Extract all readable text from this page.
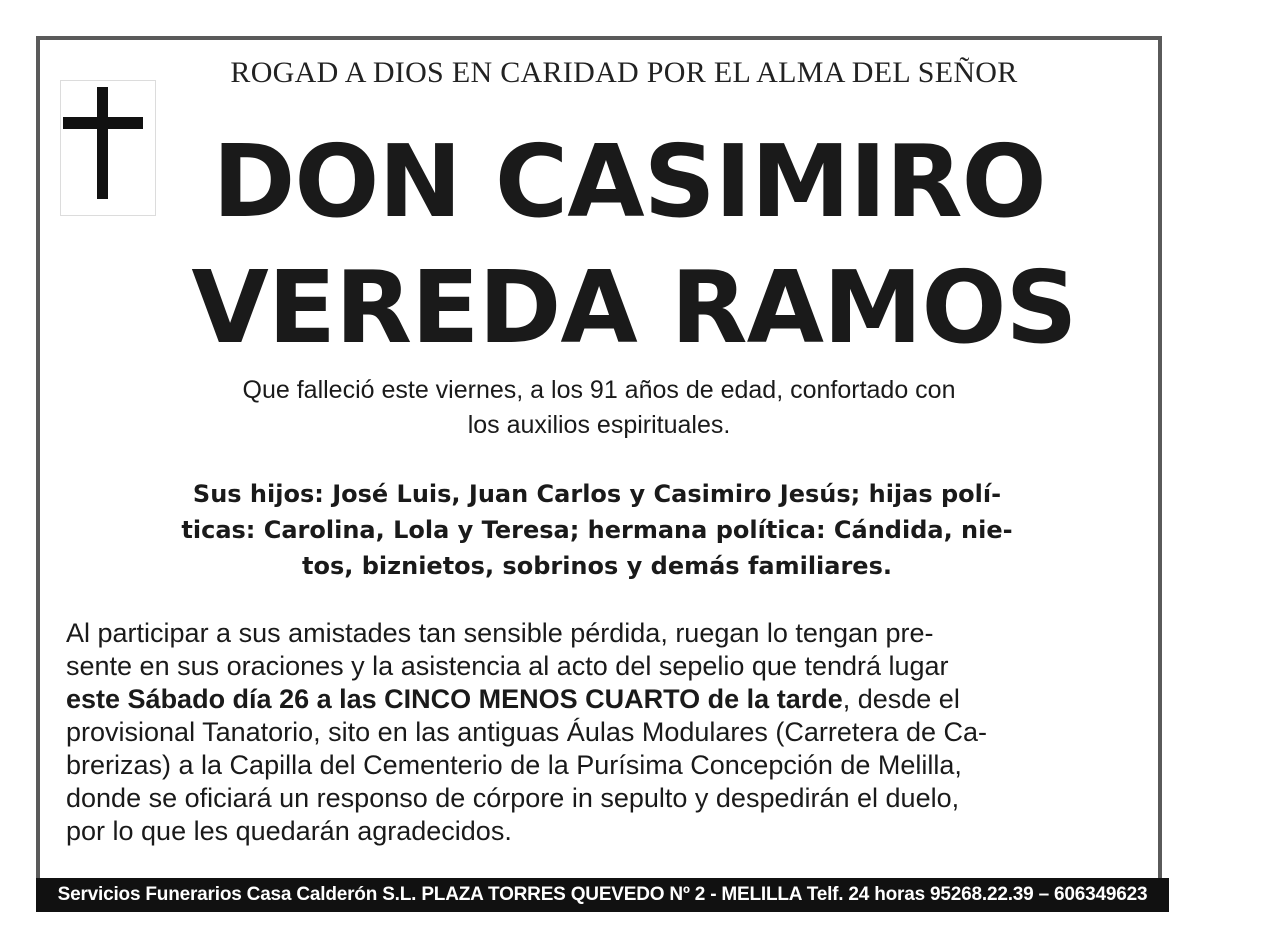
ROGAD A DIOS EN CARIDAD POR EL ALMA DEL SEÑOR
DON CASIMIRO
VEREDA RAMOS
Que falleció este viernes, a los 91 años de edad, confortado con
los auxilios espirituales.
Sus hijos: José Luis, Juan Carlos y Casimiro Jesús; hijas polí-
ticas: Carolina, Lola y Teresa; hermana política: Cándida, nie-
tos, biznietos, sobrinos y demás familiares.
Al participar a sus amistades tan sensible pérdida, ruegan lo tengan pre-
sente en sus oraciones y la asistencia al acto del sepelio que tendrá lugar
este Sábado día 26 a las CINCO MENOS CUARTO de la tarde, desde el
provisional Tanatorio, sito en las antiguas Áulas Modulares (Carretera de Ca-
brerizas) a la Capilla del Cementerio de la Purísima Concepción de Melilla,
donde se oficiará un responso de córpore in sepulto y despedirán el duelo,
por lo que les quedarán agradecidos.
Servicios Funerarios Casa Calderón S.L. PLAZA TORRES QUEVEDO Nº 2 - MELILLA Telf. 24 horas 95268.22.39 – 606349623
